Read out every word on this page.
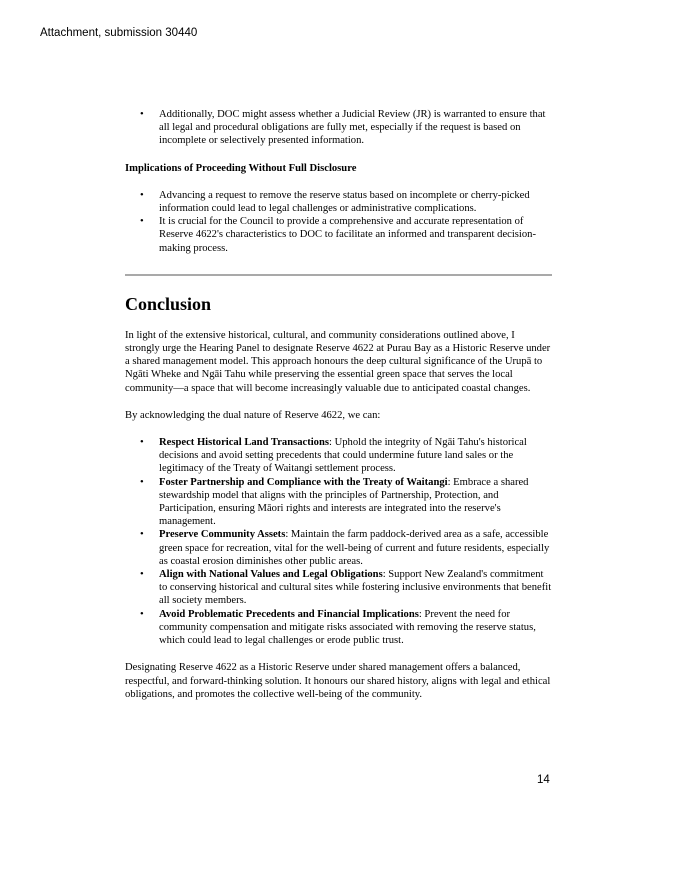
Attachment, submission 30440
• Additionally, DOC might assess whether a Judicial Review (JR) is warranted to ensure that all legal and procedural obligations are fully met, especially if the request is based on incomplete or selectively presented information.
Implications of Proceeding Without Full Disclosure
• Advancing a request to remove the reserve status based on incomplete or cherry-picked information could lead to legal challenges or administrative complications.
• It is crucial for the Council to provide a comprehensive and accurate representation of Reserve 4622's characteristics to DOC to facilitate an informed and transparent decision-making process.
Conclusion

In light of the extensive historical, cultural, and community considerations outlined above, I strongly urge the Hearing Panel to designate Reserve 4622 at Purau Bay as a Historic Reserve under a shared management model. This approach honours the deep cultural significance of the Urupā to Ngāti Wheke and Ngāi Tahu while preserving the essential green space that serves the local community—a space that will become increasingly valuable due to anticipated coastal changes.

By acknowledging the dual nature of Reserve 4622, we can:

• Respect Historical Land Transactions: Uphold the integrity of Ngāi Tahu's historical decisions and avoid setting precedents that could undermine future land sales or the legitimacy of the Treaty of Waitangi settlement process.
• Foster Partnership and Compliance with the Treaty of Waitangi: Embrace a shared stewardship model that aligns with the principles of Partnership, Protection, and Participation, ensuring Māori rights and interests are integrated into the reserve's management.
• Preserve Community Assets: Maintain the farm paddock-derived area as a safe, accessible green space for recreation, vital for the well-being of current and future residents, especially as coastal erosion diminishes other public areas.
• Align with National Values and Legal Obligations: Support New Zealand's commitment to conserving historical and cultural sites while fostering inclusive environments that benefit all society members.
• Avoid Problematic Precedents and Financial Implications: Prevent the need for community compensation and mitigate risks associated with removing the reserve status, which could lead to legal challenges or erode public trust.

Designating Reserve 4622 as a Historic Reserve under shared management offers a balanced, respectful, and forward-thinking solution. It honours our shared history, aligns with legal and ethical obligations, and promotes the collective well-being of the community.

14
